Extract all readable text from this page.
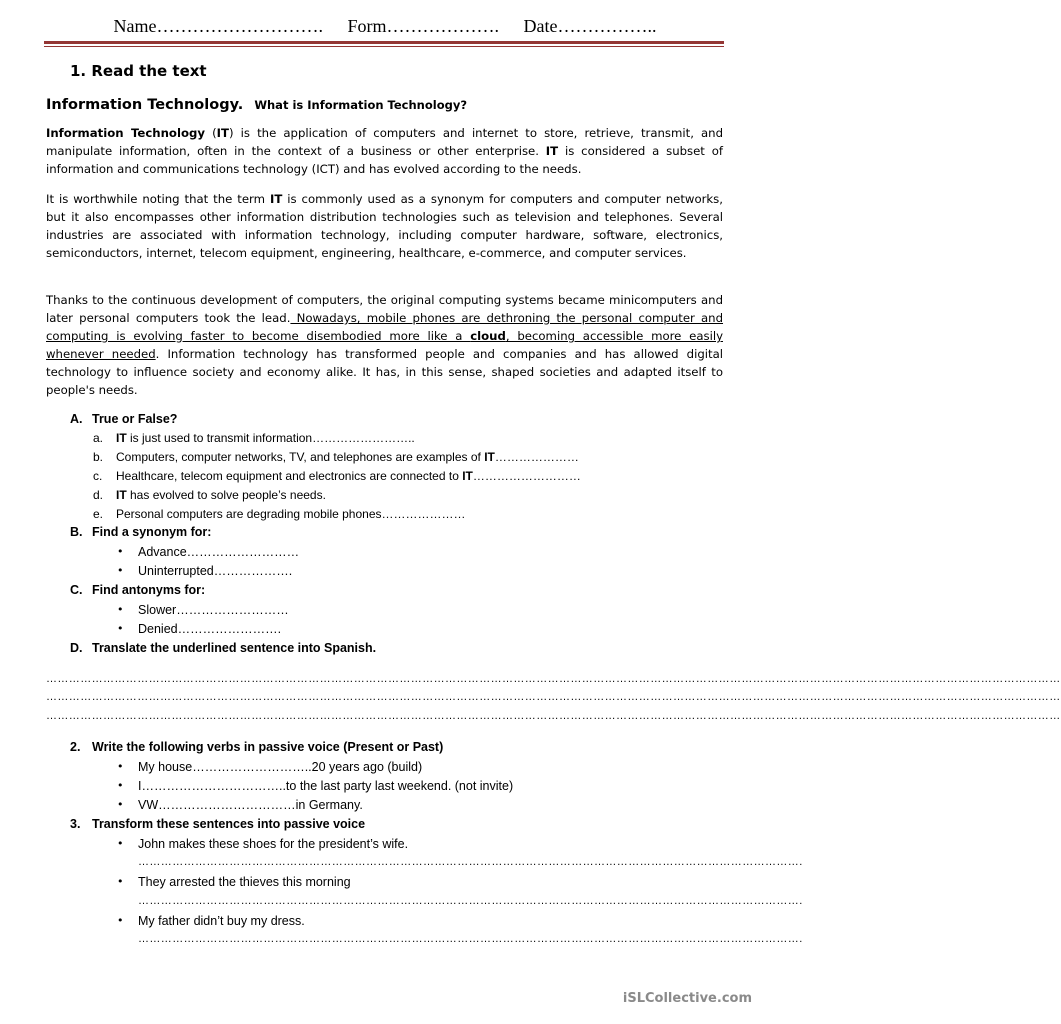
Name………………………. Form………………. Date……………..
1. Read the text
Information Technology. What is Information Technology?
Information Technology (IT) is the application of computers and internet to store, retrieve, transmit, and manipulate information, often in the context of a business or other enterprise. IT is considered a subset of information and communications technology (ICT) and has evolved according to the needs.
It is worthwhile noting that the term IT is commonly used as a synonym for computers and computer networks, but it also encompasses other information distribution technologies such as television and telephones. Several industries are associated with information technology, including computer hardware, software, electronics, semiconductors, internet, telecom equipment, engineering, healthcare, e-commerce, and computer services.
Thanks to the continuous development of computers, the original computing systems became minicomputers and later personal computers took the lead. Nowadays, mobile phones are dethroning the personal computer and computing is evolving faster to become disembodied more like a cloud, becoming accessible more easily whenever needed. Information technology has transformed people and companies and has allowed digital technology to influence society and economy alike. It has, in this sense, shaped societies and adapted itself to people's needs.
A. True or False?
a. IT is just used to transmit information……………………..
b. Computers, computer networks, TV, and telephones are examples of IT…………………
c. Healthcare, telecom equipment and electronics are connected to IT………………………
d. IT has evolved to solve people’s needs.
e. Personal computers are degrading mobile phones…………………
B. Find a synonym for:
• Advance………………………
• Uninterrupted……………….
C. Find antonyms for:
• Slower………………………
• Denied…………………….
D. Translate the underlined sentence into Spanish.
……………………………………………………………………………………………………………………………………………………………………………………………………………………………………………
……………………………………………………………………………………………………………………………………………………………………………………………………………………………………………
……………………………………………………………………………………………………………………………………………………………………………………………………………………………………………
2. Write the following verbs in passive voice (Present or Past)
• My house………………………..20 years ago (build)
• I……………………………..to the last party last weekend. (not invite)
• VW……………………………in Germany.
3. Transform these sentences into passive voice
• John makes these shoes for the president’s wife.
………………………………………………………………………………………………………………………………………………………….
• They arrested the thieves this morning
………………………………………………………………………………………………………………………………………………………….
• My father didn’t buy my dress.
………………………………………………………………………………………………………………………………………………………….
iSLCollective.com
